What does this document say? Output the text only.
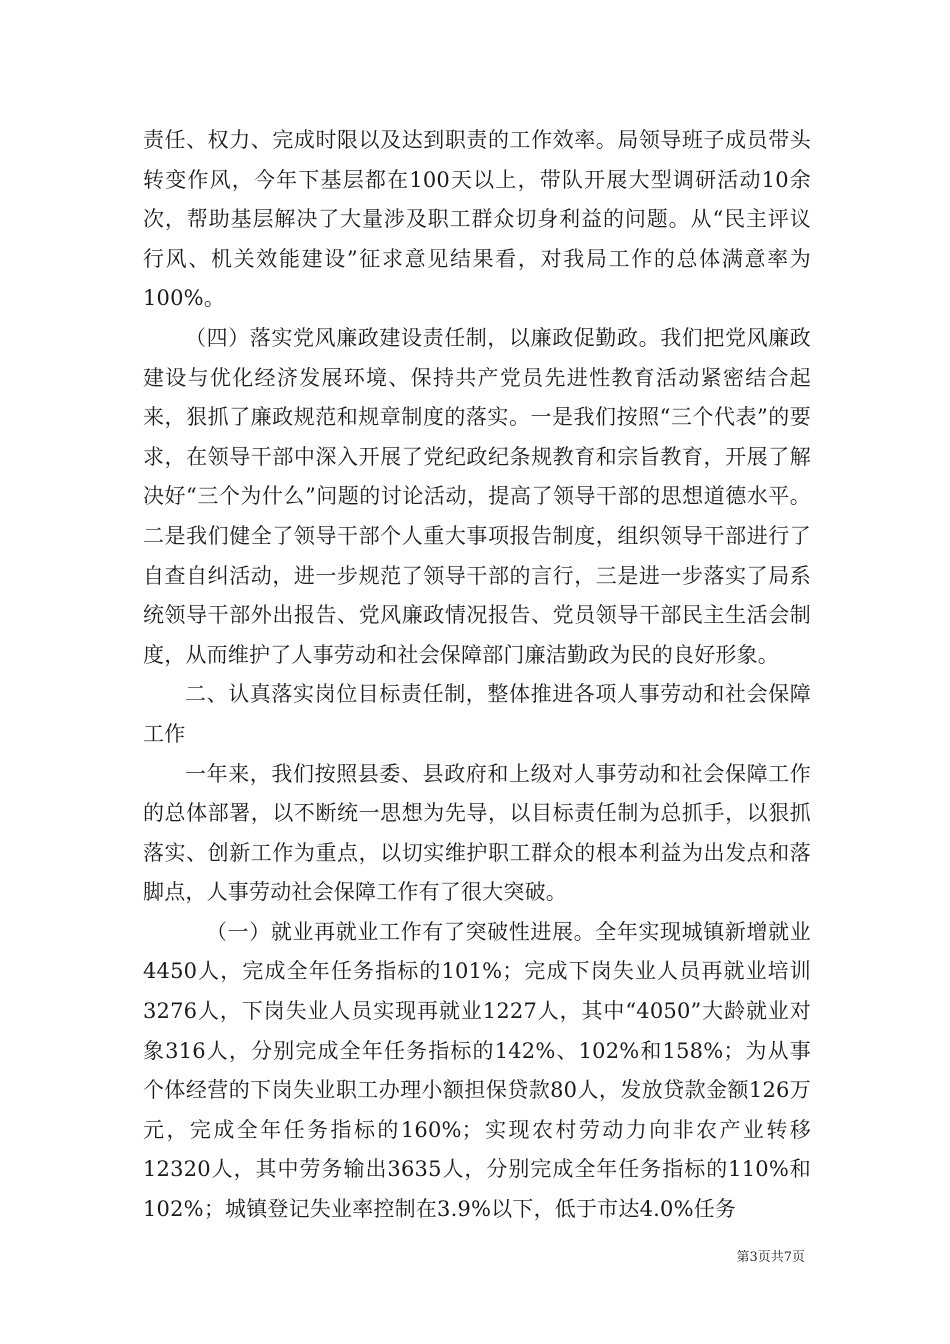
责任、权力、完成时限以及达到职责的工作效率。局领导班子成员带头转变作风，今年下基层都在100天以上，带队开展大型调研活动10余次，帮助基层解决了大量涉及职工群众切身利益的问题。从“民主评议行风、机关效能建设”征求意见结果看，对我局工作的总体满意率为100%。

（四）落实党风廉政建设责任制，以廉政促勤政。我们把党风廉政建设与优化经济发展环境、保持共产党员先进性教育活动紧密结合起来，狠抓了廉政规范和规章制度的落实。一是我们按照“三个代表”的要求，在领导干部中深入开展了党纪政纪条规教育和宗旨教育，开展了解决好“三个为什么”问题的讨论活动，提高了领导干部的思想道德水平。二是我们健全了领导干部个人重大事项报告制度，组织领导干部进行了自查自纠活动，进一步规范了领导干部的言行，三是进一步落实了局系统领导干部外出报告、党风廉政情况报告、党员领导干部民主生活会制度，从而维护了人事劳动和社会保障部门廉洁勤政为民的良好形象。

二、认真落实岗位目标责任制，整体推进各项人事劳动和社会保障工作

一年来，我们按照县委、县政府和上级对人事劳动和社会保障工作的总体部署，以不断统一思想为先导，以目标责任制为总抓手，以狠抓落实、创新工作为重点，以切实维护职工群众的根本利益为出发点和落脚点，人事劳动社会保障工作有了很大突破。

（一）就业再就业工作有了突破性进展。全年实现城镇新增就业4450人，完成全年任务指标的101%；完成下岗失业人员再就业培训3276人，下岗失业人员实现再就业1227人，其中“4050”大龄就业对象316人，分别完成全年任务指标的142%、102%和158%；为从事个体经营的下岗失业职工办理小额担保贷款80人，发放贷款金额126万元，完成全年任务指标的160%；实现农村劳动力向非农产业转移12320人，其中劳务输出3635人，分别完成全年任务指标的110%和102%；城镇登记失业率控制在3.9%以下，低于市达4.0%任务

第3页共7页
